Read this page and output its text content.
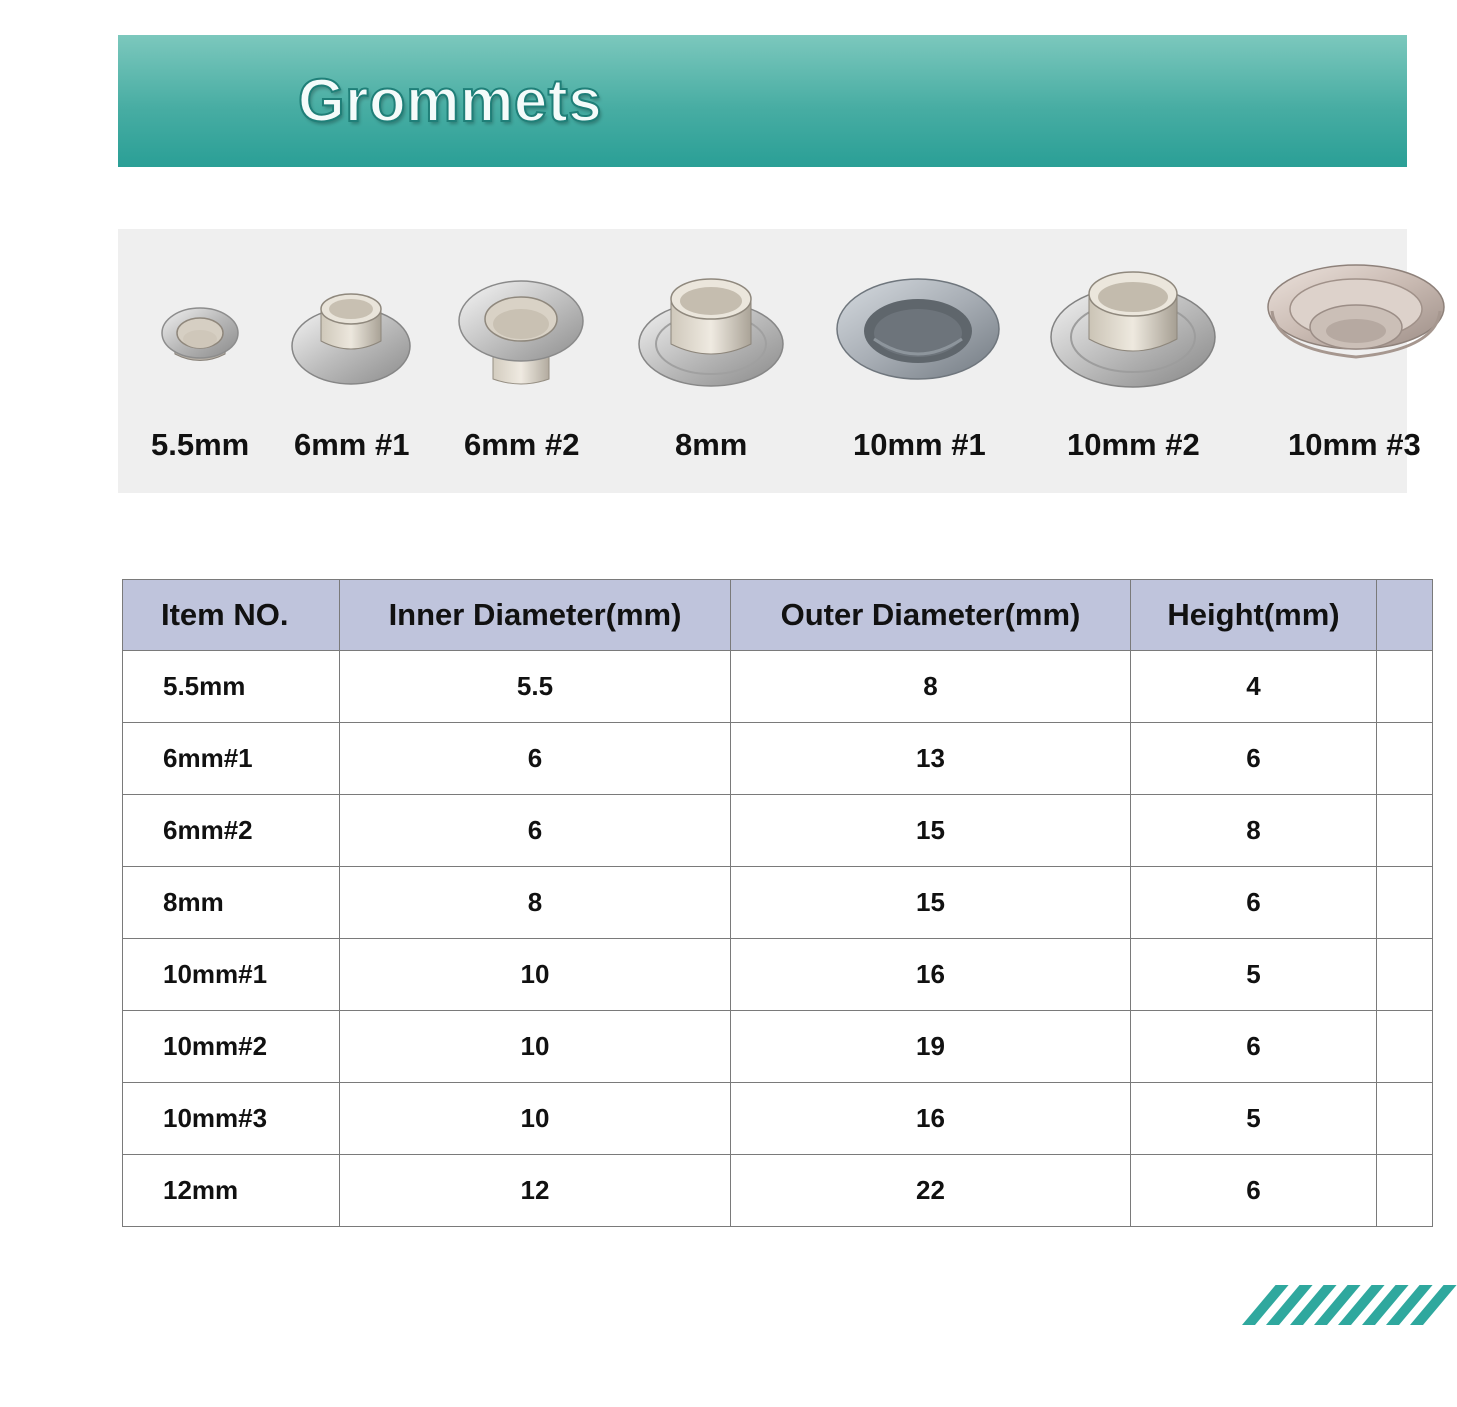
Grommets
5.5mm 6mm #1 6mm #2	8mm	10mm #1	10mm #2	10mm #3
Item NO.	Inner Diameter(mm)	Outer Diameter(mm)	Height(mm)	
5.5mm	5.5	8	4	
6mm#1	6	13	6	
6mm#2	6	15	8	
8mm	8	15	6	
10mm#1	10	16	5	
10mm#2	10	19	6	
10mm#3	10	16	5	
12mm	12	22	6	
